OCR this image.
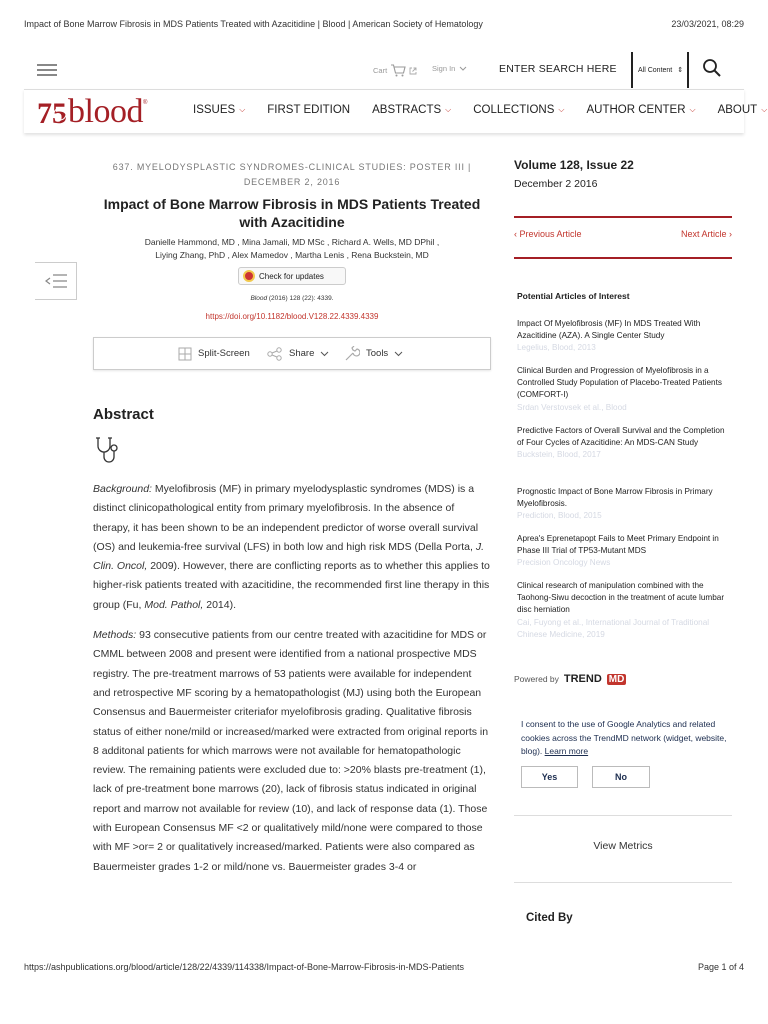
Impact of Bone Marrow Fibrosis in MDS Patients Treated with Azacitidine | Blood | American Society of Hematology	23/03/2021, 08:29
Cart	Sign In	ENTER SEARCH HERE	All Content ⇕
75 blood ®
ISSUES ⌵ FIRST EDITION ABSTRACTS ⌵ COLLECTIONS ⌵ AUTHOR CENTER ⌵ ABOUT ⌵
637. MYELODYSPLASTIC SYNDROMES-CLINICAL STUDIES: POSTER III |
DECEMBER 2, 2016
Impact of Bone Marrow Fibrosis in MDS Patients Treated with Azacitidine
Danielle Hammond, MD , Mina Jamali, MD MSc , Richard A. Wells, MD DPhil ,
Liying Zhang, PhD , Alex Mamedov , Martha Lenis , Rena Buckstein, MD
Check for updates
Blood (2016) 128 (22): 4339.
https://doi.org/10.1182/blood.V128.22.4339.4339
Split-Screen	Share	Tools
Abstract

Background: Myelofibrosis (MF) in primary myelodysplastic syndromes (MDS) is a distinct clinicopathological entity from primary myelofibrosis. In the absence of therapy, it has been shown to be an independent predictor of worse overall survival (OS) and leukemia-free survival (LFS) in both low and high risk MDS (Della Porta, J. Clin. Oncol, 2009). However, there are conflicting reports as to whether this applies to higher-risk patients treated with azacitidine, the recommended first line therapy in this group (Fu, Mod. Pathol, 2014).

Methods: 93 consecutive patients from our centre treated with azacitidine for MDS or CMML between 2008 and present were identified from a national prospective MDS registry. The pre-treatment marrows of 53 patients were available for independent and retrospective MF scoring by a hematopathologist (MJ) using both the European Consensus and Bauermeister criteriafor myelofibrosis grading. Qualitative fibrosis status of either none/mild or increased/marked were extracted from original reports in 8 additonal patients for which marrows were not available for hematopathologic review. The remaining patients were excluded due to: >20% blasts pre-treatment (1), lack of pre-treatment bone marrows (20), lack of fibrosis status indicated in original report and marrow not available for review (10), and lack of response data (1). Those with European Consensus MF <2 or qualitatively mild/none were compared to those with MF >or= 2 or qualitatively increased/marked. Patients were also compared as Bauermeister grades 1-2 or mild/none vs. Bauermeister grades 3-4 or

Volume 128, Issue 22
December 2 2016
‹ Previous Article	Next Article ›
Potential Articles of Interest
Impact Of Myelofibrosis (MF) In MDS Treated With Azacitidine (AZA). A Single Center Study
Legelius, Blood, 2013
Clinical Burden and Progression of Myelofibrosis in a Controlled Study Population of Placebo-Treated Patients (COMFORT-I)
Srdan Verstovsek et al., Blood
Predictive Factors of Overall Survival and the Completion of Four Cycles of Azacitidine: An MDS-CAN Study
Buckstein, Blood, 2017
Prognostic Impact of Bone Marrow Fibrosis in Primary Myelofibrosis.
Prediction, Blood, 2015
Aprea's Eprenetapopt Fails to Meet Primary Endpoint in Phase III Trial of TP53-Mutant MDS
Precision Oncology News
Clinical research of manipulation combined with the Taohong-Siwu decoction in the treatment of acute lumbar disc herniation
Cai, Fuyong et al., International Journal of Traditional Chinese Medicine, 2019
Powered by TREND MD
I consent to the use of Google Analytics and related cookies across the TrendMD network (widget, website, blog). Learn more
Yes	No
View Metrics
Cited By
https://ashpublications.org/blood/article/128/22/4339/114338/Impact-of-Bone-Marrow-Fibrosis-in-MDS-Patients	Page 1 of 4
